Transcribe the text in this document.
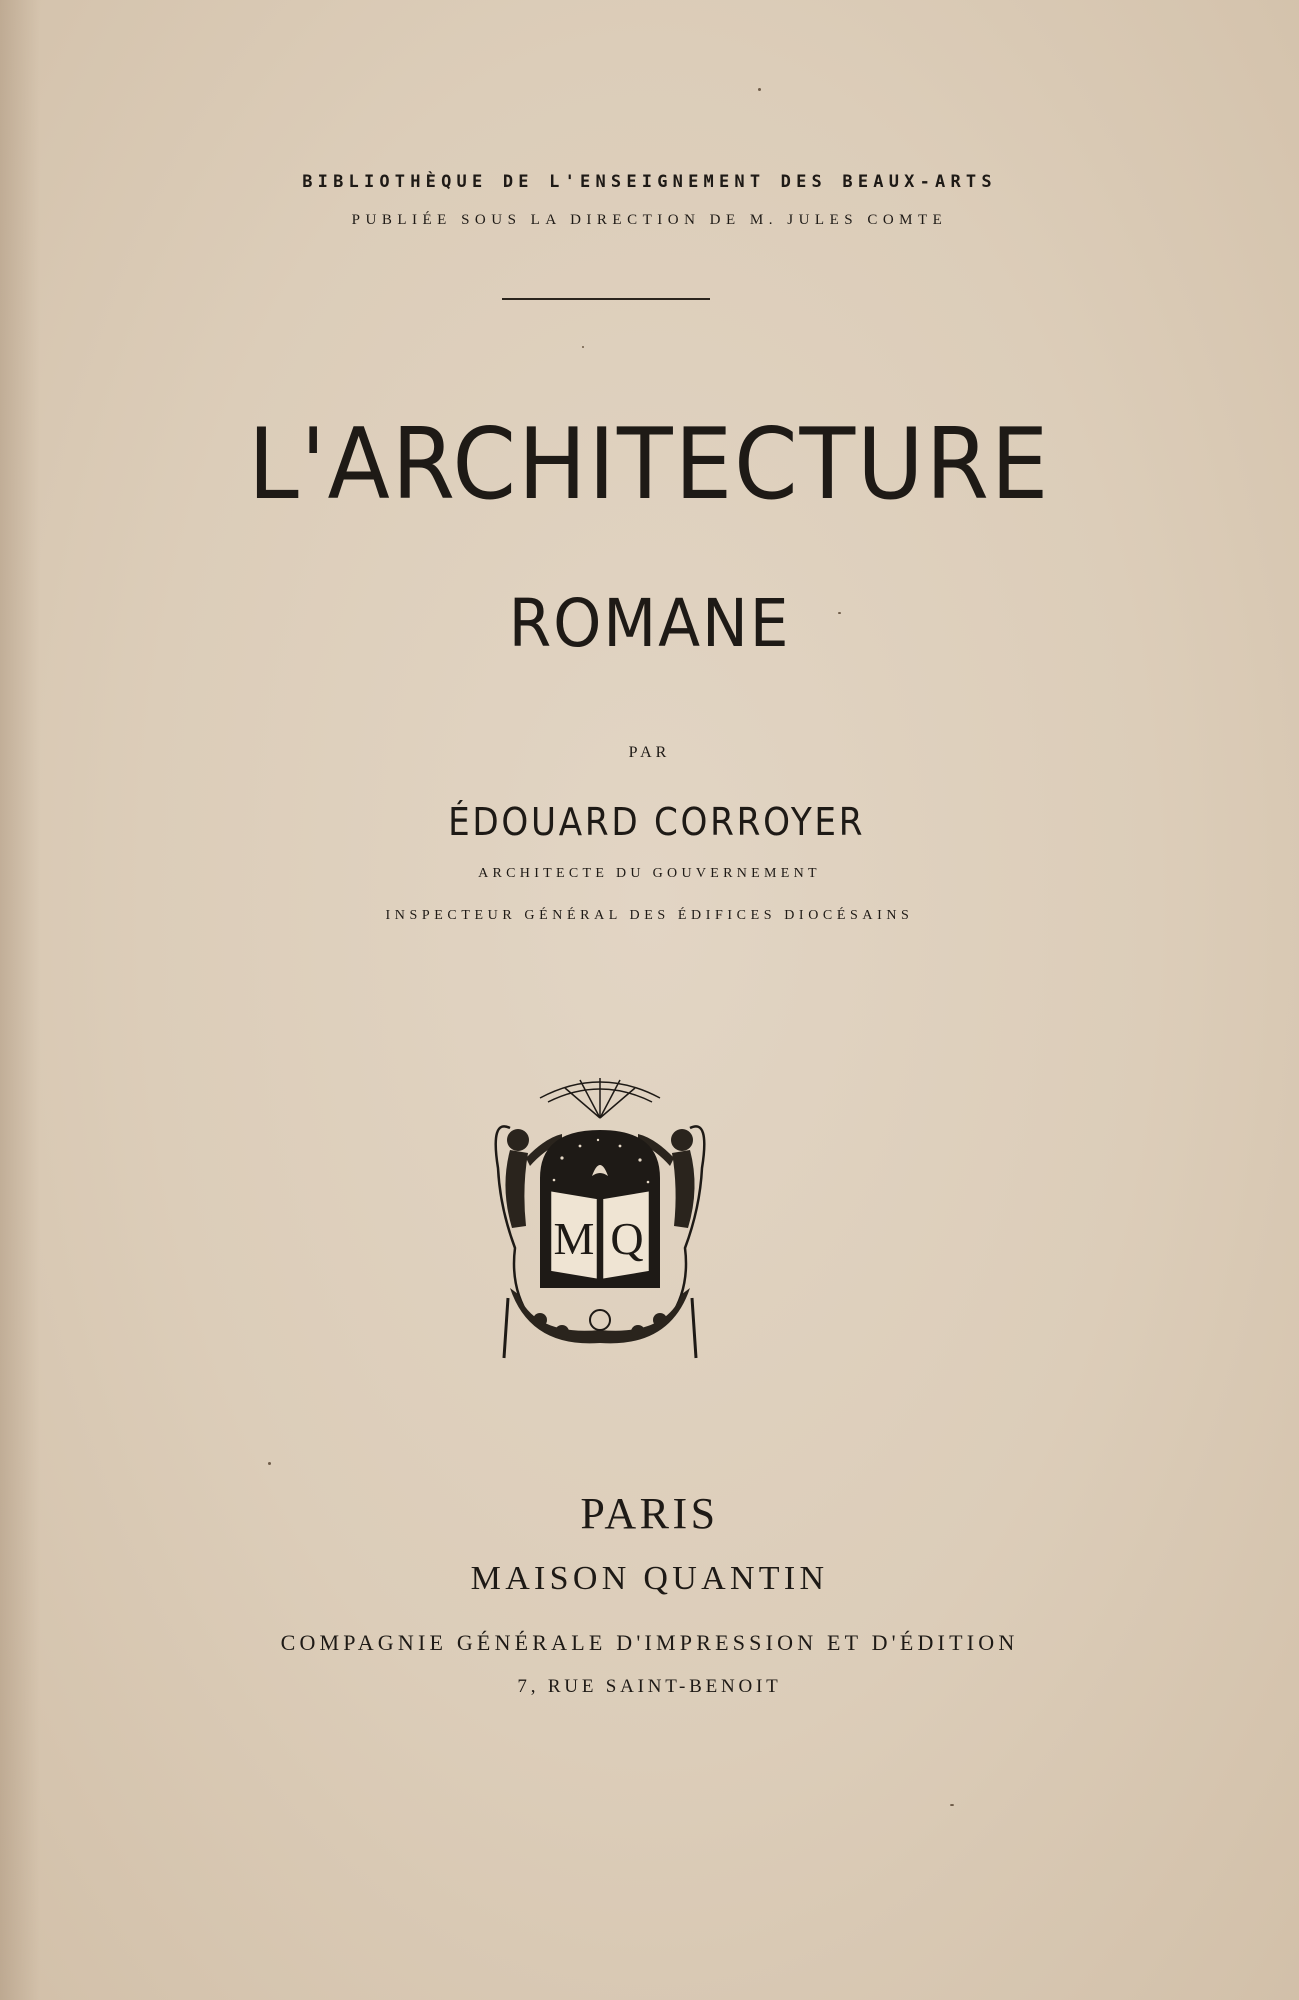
BIBLIOTHÈQUE DE L'ENSEIGNEMENT DES BEAUX-ARTS
PUBLIÉE SOUS LA DIRECTION DE M. JULES COMTE
L'ARCHITECTURE
ROMANE
PAR
ÉDOUARD CORROYER
ARCHITECTE DU GOUVERNEMENT
INSPECTEUR GÉNÉRAL DES ÉDIFICES DIOCÉSAINS
M Q
PARIS
MAISON QUANTIN
COMPAGNIE GÉNÉRALE D'IMPRESSION ET D'ÉDITION
7, RUE SAINT-BENOIT
